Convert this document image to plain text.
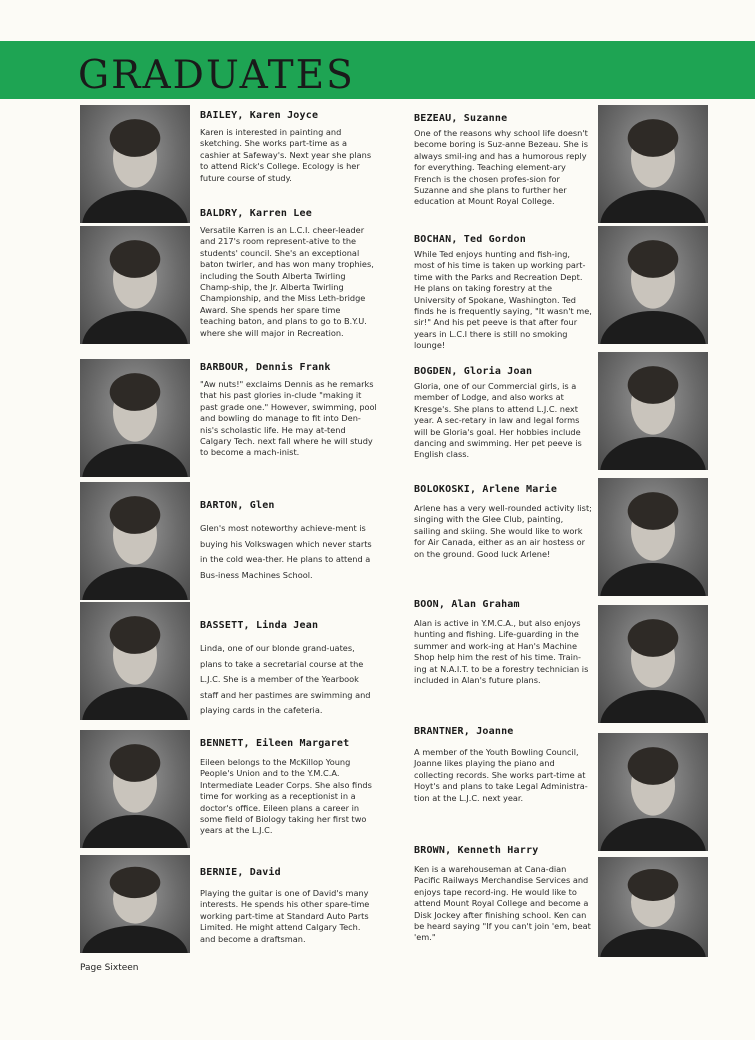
GRADUATES
BAILEY, Karen Joyce
Karen is interested in painting and sketching. She works part-time as a cashier at Safeway's. Next year she plans to attend Rick's College. Ecology is her future course of study.
BALDRY, Karren Lee
Versatile Karren is an L.C.I. cheer-leader and 217's room represent-ative to the students' council. She's an exceptional baton twirler, and has won many trophies, including the South Alberta Twirling Champ-ship, the Jr. Alberta Twirling Championship, and the Miss Leth-bridge Award. She spends her spare time teaching baton, and plans to go to B.Y.U. where she will major in Recreation.
BARBOUR, Dennis Frank
"Aw nuts!" exclaims Dennis as he remarks that his past glories in-clude "making it past grade one." However, swimming, pool and bowling do manage to fit into Den-nis's scholastic life. He may at-tend Calgary Tech. next fall where he will study to become a mach-inist.
BARTON, Glen
Glen's most noteworthy achieve-ment is buying his Volkswagen which never starts in the cold wea-ther. He plans to attend a Bus-iness Machines School.
BASSETT, Linda Jean
Linda, one of our blonde grand-uates, plans to take a secretarial course at the L.J.C. She is a member of the Yearbook staff and her pastimes are swimming and playing cards in the cafeteria.
BENNETT, Eileen Margaret
Eileen belongs to the McKillop Young People's Union and to the Y.M.C.A. Intermediate Leader Corps. She also finds time for working as a receptionist in a doctor's office. Eileen plans a career in some field of Biology taking her first two years at the L.J.C.
BERNIE, David
Playing the guitar is one of David's many interests. He spends his other spare-time working part-time at Standard Auto Parts Limited. He might attend Calgary Tech. and become a draftsman.
BEZEAU, Suzanne
One of the reasons why school life doesn't become boring is Suz-anne Bezeau. She is always smil-ing and has a humorous reply for everything. Teaching element-ary French is the chosen profes-sion for Suzanne and she plans to further her education at Mount Royal College.
BOCHAN, Ted Gordon
While Ted enjoys hunting and fish-ing, most of his time is taken up working part-time with the Parks and Recreation Dept. He plans on taking forestry at the University of Spokane, Washington. Ted finds he is frequently saying, "It wasn't me, sir!" And his pet peeve is that after four years in L.C.I there is still no smoking lounge!
BOGDEN, Gloria Joan
Gloria, one of our Commercial girls, is a member of Lodge, and also works at Kresge's. She plans to attend L.J.C. next year. A sec-retary in law and legal forms will be Gloria's goal. Her hobbies include dancing and swimming. Her pet peeve is English class.
BOLOKOSKI, Arlene Marie
Arlene has a very well-rounded activity list; singing with the Glee Club, painting, sailing and skiing. She would like to work for Air Canada, either as an air hostess or on the ground. Good luck Arlene!
BOON, Alan Graham
Alan is active in Y.M.C.A., but also enjoys hunting and fishing. Life-guarding in the summer and work-ing at Han's Machine Shop help him the rest of his time. Train-ing at N.A.I.T. to be a forestry technician is included in Alan's future plans.
BRANTNER, Joanne
A member of the Youth Bowling Council, Joanne likes playing the piano and collecting records. She works part-time at Hoyt's and plans to take Legal Administra-tion at the L.J.C. next year.
BROWN, Kenneth Harry
Ken is a warehouseman at Cana-dian Pacific Railways Merchandise Services and enjoys tape record-ing. He would like to attend Mount Royal College and become a Disk Jockey after finishing school. Ken can be heard saying "If you can't join 'em, beat 'em."
Page Sixteen
